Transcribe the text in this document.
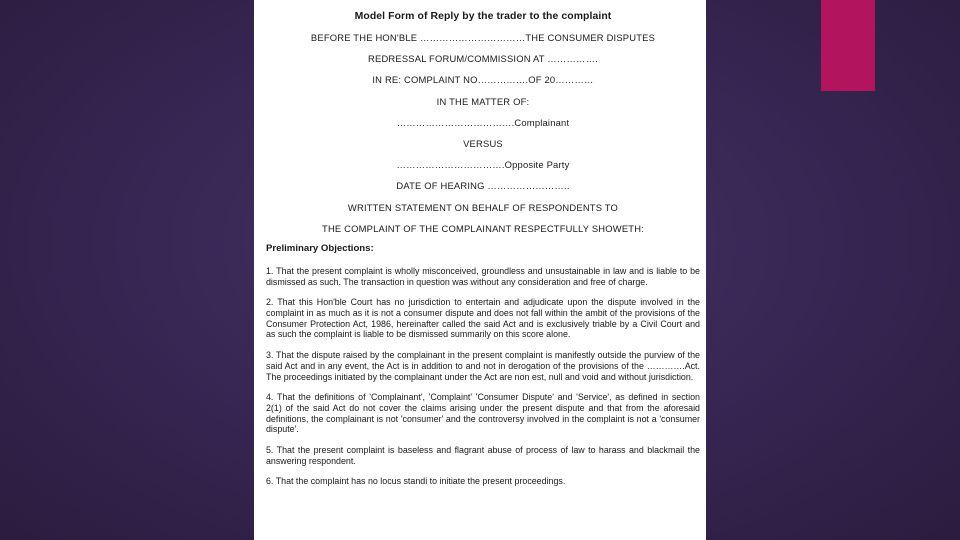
Model Form of Reply by the trader to the complaint
BEFORE THE HON'BLE ……………………………THE CONSUMER DISPUTES
REDRESSAL FORUM/COMMISSION AT …………….
IN RE: COMPLAINT NO…………….OF 20…………
IN THE MATTER OF:
……………………………….Complainant
VERSUS
…………………………….Opposite Party
DATE OF HEARING ……………………..
WRITTEN STATEMENT ON BEHALF OF RESPONDENTS TO
THE COMPLAINT OF THE COMPLAINANT RESPECTFULLY SHOWETH:
Preliminary Objections:

1. That the present complaint is wholly misconceived, groundless and unsustainable in law and is liable to be dismissed as such. The transaction in question was without any consideration and free of charge.

2. That this Hon'ble Court has no jurisdiction to entertain and adjudicate upon the dispute involved in the complaint in as much as it is not a consumer dispute and does not fall within the ambit of the provisions of the Consumer Protection Act, 1986, hereinafter called the said Act and is exclusively triable by a Civil Court and as such the complaint is liable to be dismissed summarily on this score alone.

3. That the dispute raised by the complainant in the present complaint is manifestly outside the purview of the said Act and in any event, the Act is in addition to and not in derogation of the provisions of the ………….Act. The proceedings initiated by the complainant under the Act are non est, null and void and without jurisdiction.

4. That the definitions of 'Complainant', 'Complaint' 'Consumer Dispute' and 'Service', as defined in section 2(1) of the said Act do not cover the claims arising under the present dispute and that from the aforesaid definitions, the complainant is not 'consumer' and the controversy involved in the complaint is not a 'consumer dispute'.

5. That the present complaint is baseless and flagrant abuse of process of law to harass and blackmail the answering respondent.

6. That the complaint has no locus standi to initiate the present proceedings.
